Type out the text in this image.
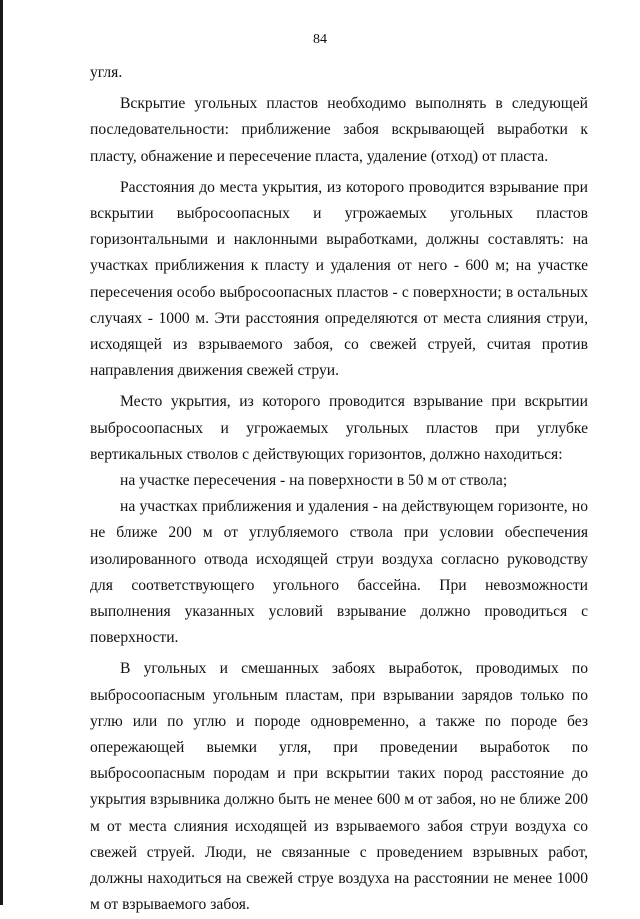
84

угля.

Вскрытие угольных пластов необходимо выполнять в следующей последовательности: приближение забоя вскрывающей выработки к пласту, обнажение и пересечение пласта, удаление (отход) от пласта.

Расстояния до места укрытия, из которого проводится взрывание при вскрытии выбросоопасных и угрожаемых угольных пластов горизонтальными и наклонными выработками, должны составлять: на участках приближения к пласту и удаления от него - 600 м; на участке пересечения особо выбросоопасных пластов - с поверхности; в остальных случаях - 1000 м. Эти расстояния определяются от места слияния струи, исходящей из взрываемого забоя, со свежей струей, считая против направления движения свежей струи.

Место укрытия, из которого проводится взрывание при вскрытии выбросоопасных и угрожаемых угольных пластов при углубке вертикальных стволов с действующих горизонтов, должно находиться:

на участке пересечения - на поверхности в 50 м от ствола;

на участках приближения и удаления - на действующем горизонте, но не ближе 200 м от углубляемого ствола при условии обеспечения изолированного отвода исходящей струи воздуха согласно руководству для соответствующего угольного бассейна. При невозможности выполнения указанных условий взрывание должно проводиться с поверхности.

В угольных и смешанных забоях выработок, проводимых по выбросоопасным угольным пластам, при взрывании зарядов только по углю или по углю и породе одновременно, а также по породе без опережающей выемки угля, при проведении выработок по выбросоопасным породам и при вскрытии таких пород расстояние до укрытия взрывника должно быть не менее 600 м от забоя, но не ближе 200 м от места слияния исходящей из взрываемого забоя струи воздуха со свежей струей. Люди, не связанные с проведением взрывных работ, должны находиться на свежей струе воздуха на расстоянии не менее 1000 м от взрываемого забоя.
